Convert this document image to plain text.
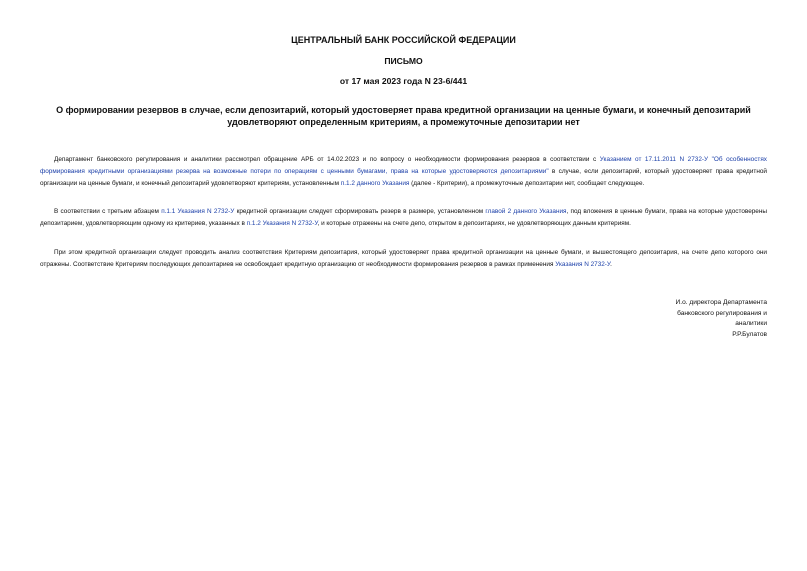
ЦЕНТРАЛЬНЫЙ БАНК РОССИЙСКОЙ ФЕДЕРАЦИИ
ПИСЬМО
от 17 мая 2023 года N 23-6/441
О формировании резервов в случае, если депозитарий, который удостоверяет права кредитной организации на ценные бумаги, и конечный депозитарий удовлетворяют определенным критериям, а промежуточные депозитарии нет

Департамент банковского регулирования и аналитики рассмотрел обращение АРБ от 14.02.2023 и по вопросу о необходимости формирования резервов в соответствии с Указанием от 17.11.2011 N 2732-У "Об особенностях формирования кредитными организациями резерва на возможные потери по операциям с ценными бумагами, права на которые удостоверяются депозитариями" в случае, если депозитарий, который удостоверяет права кредитной организации на ценные бумаги, и конечный депозитарий удовлетворяют критериям, установленным п.1.2 данного Указания (далее - Критерии), а промежуточные депозитарии нет, сообщает следующее.

В соответствии с третьим абзацем п.1.1 Указания N 2732-У кредитной организации следует сформировать резерв в размере, установленном главой 2 данного Указания, под вложения в ценные бумаги, права на которые удостоверены депозитарием, удовлетворяющим одному из критериев, указанных в п.1.2 Указания N 2732-У, и которые отражены на счете депо, открытом в депозитариях, не удовлетворяющих данным критериям.

При этом кредитной организации следует проводить анализ соответствия Критериям депозитария, который удостоверяет права кредитной организации на ценные бумаги, и вышестоящего депозитария, на счете депо которого они отражены. Соответствие Критериям последующих депозитариев не освобождает кредитную организацию от необходимости формирования резервов в рамках применения Указания N 2732-У.

И.о. директора Департамента
банковского регулирования и
аналитики
Р.Р.Булатов
